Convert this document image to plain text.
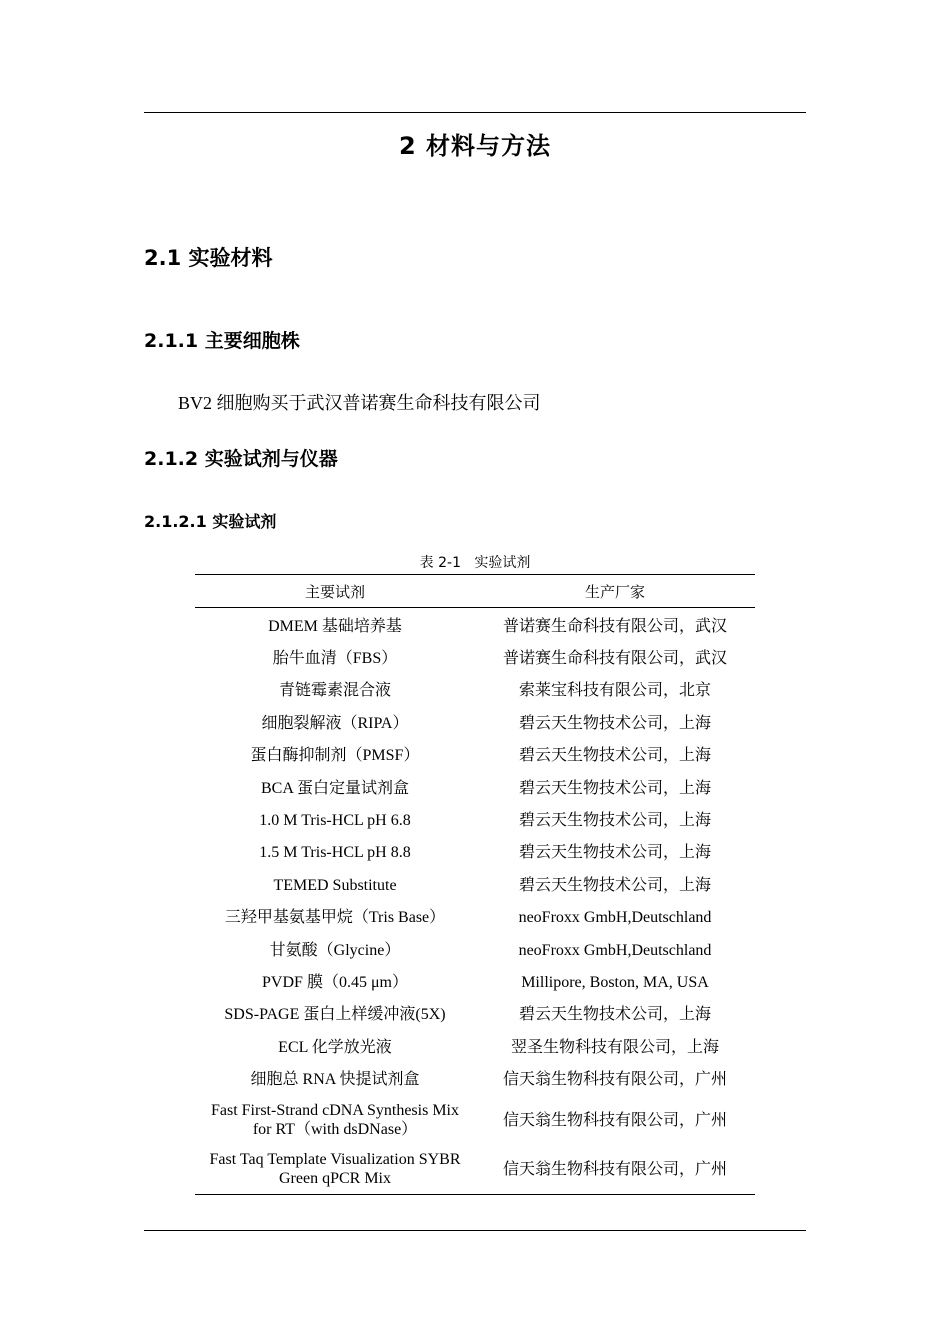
2 材料与方法
2.1 实验材料
2.1.1 主要细胞株

BV2 细胞购买于武汉普诺赛生命科技有限公司

2.1.2 实验试剂与仪器
2.1.2.1 实验试剂
表 2-1   实验试剂
主要试剂	生产厂家
DMEM 基础培养基	普诺赛生命科技有限公司，武汉
胎牛血清（FBS）	普诺赛生命科技有限公司，武汉
青链霉素混合液	索莱宝科技有限公司，北京
细胞裂解液（RIPA）	碧云天生物技术公司，上海
蛋白酶抑制剂（PMSF）	碧云天生物技术公司，上海
BCA 蛋白定量试剂盒	碧云天生物技术公司，上海
1.0 M Tris-HCL pH 6.8	碧云天生物技术公司，上海
1.5 M Tris-HCL pH 8.8	碧云天生物技术公司，上海
TEMED Substitute	碧云天生物技术公司，上海
三羟甲基氨基甲烷（Tris Base）	neoFroxx GmbH,Deutschland
甘氨酸（Glycine）	neoFroxx GmbH,Deutschland
PVDF 膜（0.45 μm）	Millipore, Boston, MA, USA
SDS-PAGE 蛋白上样缓冲液(5X)	碧云天生物技术公司，上海
ECL 化学放光液	翌圣生物科技有限公司，上海
细胞总 RNA 快提试剂盒	信天翁生物科技有限公司，广州

Fast First-Strand cDNA Synthesis Mix
for RT（with dsDNase）	信天翁生物科技有限公司，广州

Fast Taq Template Visualization SYBR
Green qPCR Mix	信天翁生物科技有限公司，广州
